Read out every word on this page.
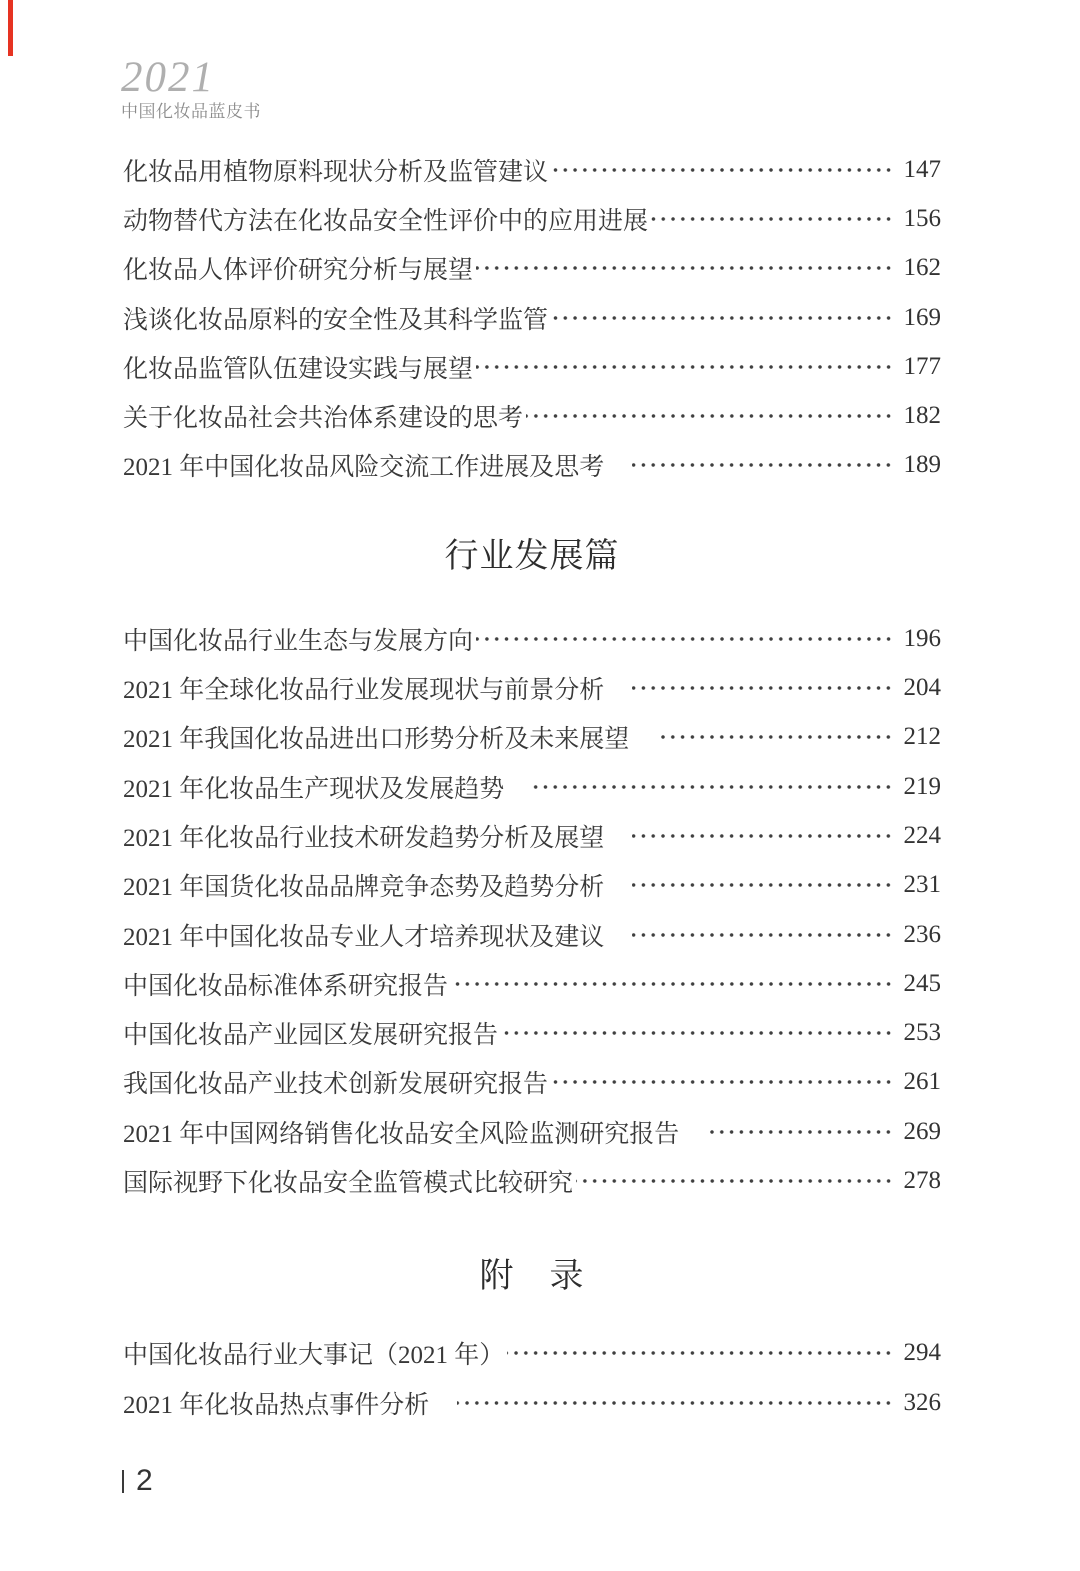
2021
中国化妆品蓝皮书
化妆品用植物原料现状分析及监管建议	147
动物替代方法在化妆品安全性评价中的应用进展	156
化妆品人体评价研究分析与展望	162
浅谈化妆品原料的安全性及其科学监管	169
化妆品监管队伍建设实践与展望	177
关于化妆品社会共治体系建设的思考	182
2021 年中国化妆品风险交流工作进展及思考　	189
行业发展篇
中国化妆品行业生态与发展方向	196
2021 年全球化妆品行业发展现状与前景分析　	204
2021 年我国化妆品进出口形势分析及未来展望　	212
2021 年化妆品生产现状及发展趋势　	219
2021 年化妆品行业技术研发趋势分析及展望　	224
2021 年国货化妆品品牌竞争态势及趋势分析　	231
2021 年中国化妆品专业人才培养现状及建议　	236
中国化妆品标准体系研究报告	245
中国化妆品产业园区发展研究报告	253
我国化妆品产业技术创新发展研究报告	261
2021 年中国网络销售化妆品安全风险监测研究报告　	269
国际视野下化妆品安全监管模式比较研究	278
附　录
中国化妆品行业大事记（2021 年）	294
2021 年化妆品热点事件分析　	326
2
